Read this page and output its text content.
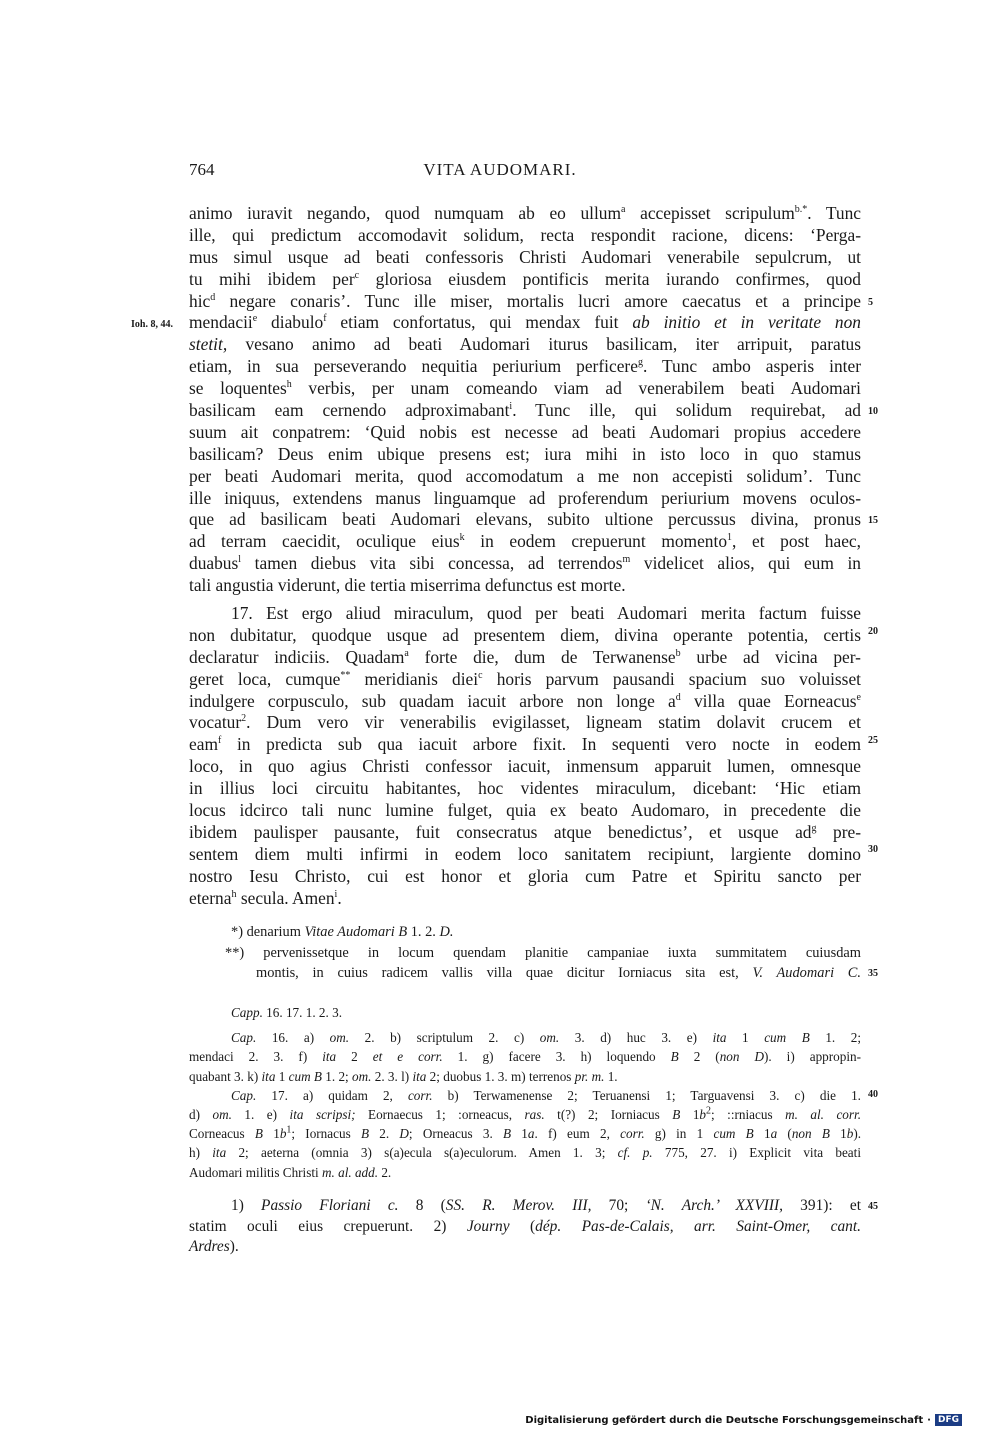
764	VITA AUDOMARI.
animo iuravit negando, quod numquam ab eo ullum$^a$ accepisset scripulum$^{b.*}$. Tunc
ille, qui predictum accomodavit solidum, recta respondit racione, dicens: ‘Perga-
mus simul usque ad beati confessoris Christi Audomari venerabile sepulcrum, ut
tu mihi ibidem per$^c$ gloriosa eiusdem pontificis merita iurando confirmes, quod
hic$^d$ negare conaris’. Tunc ille miser, mortalis lucri amore caecatus et a principe
mendacii$^e$ diabulo$^f$ etiam confortatus, qui mendax fuit ab initio et in veritate non
stetit, vesano animo ad beati Audomari iturus basilicam, iter arripuit, paratus
etiam, in sua perseverando nequitia periurium perficere$^g$. Tunc ambo asperis inter
se loquentes$^h$ verbis, per unam comeando viam ad venerabilem beati Audomari
basilicam eam cernendo adproximabant$^i$. Tunc ille, qui solidum requirebat, ad
suum ait conpatrem: ‘Quid nobis est necesse ad beati Audomari propius accedere
basilicam? Deus enim ubique presens est; iura mihi in isto loco in quo stamus
per beati Audomari merita, quod accomodatum a me non accepisti solidum’. Tunc
ille iniquus, extendens manus linguamque ad proferendum periurium movens oculos-
que ad basilicam beati Audomari elevans, subito ultione percussus divina, pronus
ad terram caecidit, oculique eius$^k$ in eodem crepuerunt momento$^1$, et post haec,
duabus$^l$ tamen diebus vita sibi concessa, ad terrendos$^m$ videlicet alios, qui eum in
tali angustia viderunt, die tertia miserrima defunctus est morte.
17. Est ergo aliud miraculum, quod per beati Audomari merita factum fuisse
non dubitatur, quodque usque ad presentem diem, divina operante potentia, certis
declaratur indiciis. Quadam$^a$ forte die, dum de Terwanense$^b$ urbe ad vicina per-
geret loca, cumque** meridianis diei$^c$ horis parvum pausandi spacium suo voluisset
indulgere corpusculo, sub quadam iacuit arbore non longe $a^d$ villa quae Eorneacus$^e$
vocatur$^2$. Dum vero vir venerabilis evigilasset, ligneam statim dolavit crucem et
eam$^f$ in predicta sub qua iacuit arbore fixit. In sequenti vero nocte in eodem
loco, in quo agius Christi confessor iacuit, inmensum apparuit lumen, omnesque
in illius loci circuitu habitantes, hoc videntes miraculum, dicebant: ‘Hic etiam
locus idcirco tali nunc lumine fulget, quia ex beato Audomaro, in precedente die
ibidem paulisper pausante, fuit consecratus atque benedictus’, et usque $ad^g$ pre-
sentem diem multi infirmi in eodem loco sanitatem recipiunt, largiente domino
nostro Iesu Christo, cui est honor et gloria cum Patre et Spiritu sancto per
eterna$^h$ secula. Amen$^i$.
Ioh. 8, 44.
5
10
15
20
25
30
*) denarium Vitae Audomari B 1. 2. D.
**) pervenissetque in locum quendam planitie campaniae iuxta summitatem cuiusdam
montis, in cuius radicem vallis villa quae dicitur Iorniacus sita est, V. Audomari C. 35
Capp. 16. 17. 1. 2. 3.
Cap. 16. a) om. 2. b) scriptulum 2. c) om. 3. d) huc 3. e) ita 1 cum B 1. 2;
mendaci 2. 3. f) ita 2 et e corr. 1. g) facere 3. h) loquendo B 2 (non D). i) appropin-
quabant 3. k) ita 1 cum B 1. 2; om. 2. 3. l) ita 2; duobus 1. 3. m) terrenos pr. m. 1.
Cap. 17. a) quidam 2, corr. b) Terwamenense 2; Teruanensi 1; Targuavensi 3. c) die 1.
d) om. 1. e) ita scripsi; Eornaecus 1; :orneacus, ras. t(?) 2; Iorniacus B $1b^2$; ::rniacus m. al. corr.
Corneacus B $1b^1$; Iornacus B 2. D; Orneacus 3. B 1a. f) eum 2, corr. g) in 1 cum B 1a (non B 1b).
h) ita 2; aeterna (omnia 3) s(a)ecula s(a)eculorum. Amen 1. 3; cf. p. 775, 27. i) Explicit vita beati
Audomari militis Christi m. al. add. 2.
40
1) Passio Floriani c. 8 (SS. R. Merov. III, 70; ‘N. Arch.’ XXVIII, 391): et
statim oculi eius crepuerunt. 2) Journy (dép. Pas-de-Calais, arr. Saint-Omer, cant.
Ardres).
45
Digitalisierung gefördert durch die Deutsche Forschungsgemeinschaft · DFG
